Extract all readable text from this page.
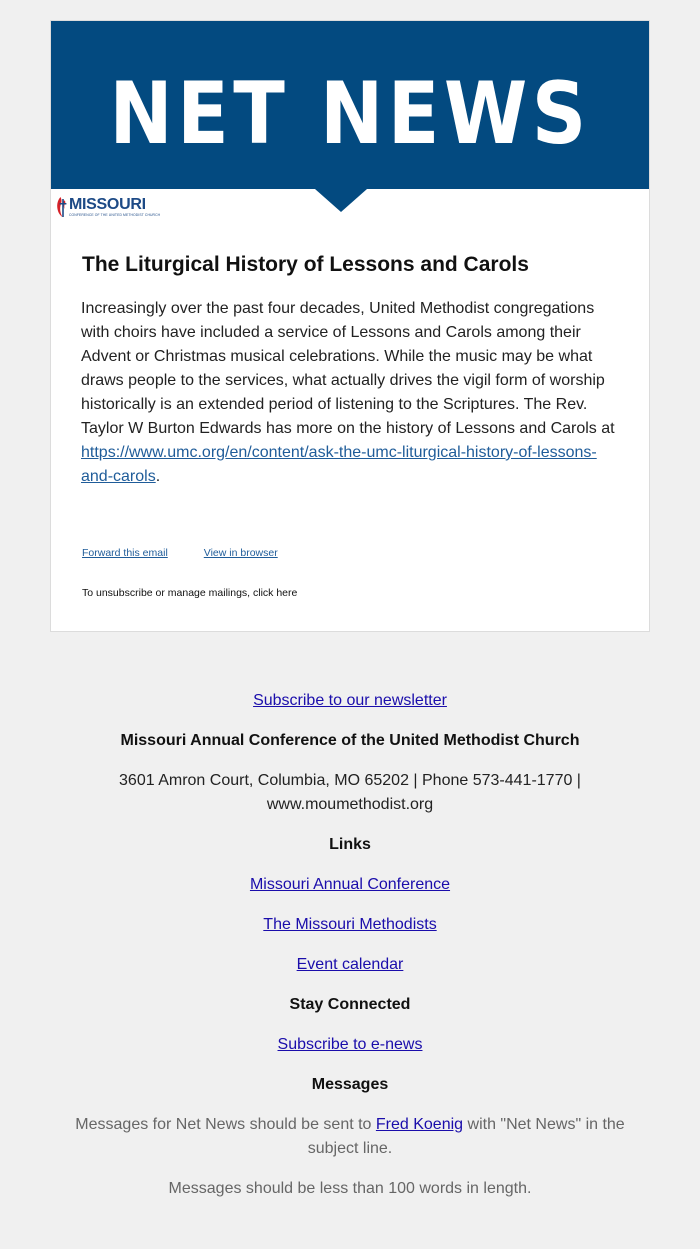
NET NEWS
MISSOURI
CONFERENCE OF THE UNITED METHODIST CHURCH
The Liturgical History of Lessons and Carols

Increasingly over the past four decades, United Methodist congregations with choirs have included a service of Lessons and Carols among their Advent or Christmas musical celebrations. While the music may be what draws people to the services, what actually drives the vigil form of worship historically is an extended period of listening to the Scriptures. The Rev. Taylor W Burton Edwards has more on the history of Lessons and Carols at https://www.umc.org/en/content/ask-the-umc-liturgical-history-of-lessons-and-carols.

Forward this email	View in browser
To unsubscribe or manage mailings, click here

Subscribe to our newsletter

Missouri Annual Conference of the United Methodist Church

3601 Amron Court, Columbia, MO 65202 | Phone 573-441-1770 | www.moumethodist.org

Links

Missouri Annual Conference

The Missouri Methodists

Event calendar

Stay Connected

Subscribe to e-news

Messages

Messages for Net News should be sent to Fred Koenig with "Net News" in the subject line.

Messages should be less than 100 words in length.
